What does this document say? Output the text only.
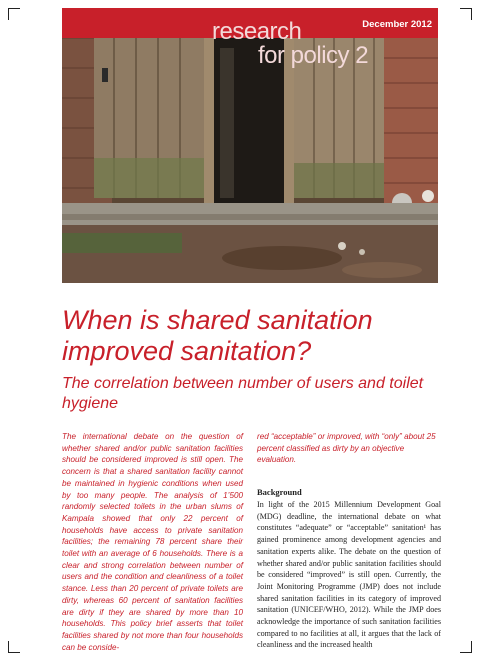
research
for policy 2
December 2012
When is shared sanitation improved sanitation?
The correlation between number of users and toilet hygiene

The international debate on the question of whether shared and/or public sanitation facilities should be considered improved is still open. The concern is that a shared sanitation facility cannot be maintained in hygienic conditions when used by too many people. The analysis of 1’500 randomly selected toilets in the urban slums of Kampala showed that only 22 percent of households have access to private sanitation facilities; the remaining 78 percent share their toilet with an average of 6 households. There is a clear and strong correlation between number of users and the condition and cleanliness of a toilet stance. Less than 20 percent of private toilets are dirty, whereas 60 percent of sanitation facilities are dirty if they are shared by more than 10 households. This policy brief asserts that toilet facilities shared by not more than four households can be conside-

red “acceptable” or improved, with “only” about 25 percent classified as dirty by an objective evaluation.

Background

In light of the 2015 Millennium Development Goal (MDG) deadline, the international debate on what constitutes “adequate” or “acceptable” sanitation¹ has gained prominence among development agencies and sanitation experts alike. The debate on the question of whether shared and/or public sanitation facilities should be considered “improved” is still open. Currently, the Joint Monitoring Programme (JMP) does not include shared sanitation facilities in its category of improved sanitation (UNICEF/WHO, 2012). While the JMP does acknowledge the importance of such sanitation facilities compared to no facilities at all, it argues that the lack of cleanliness and the increased health
